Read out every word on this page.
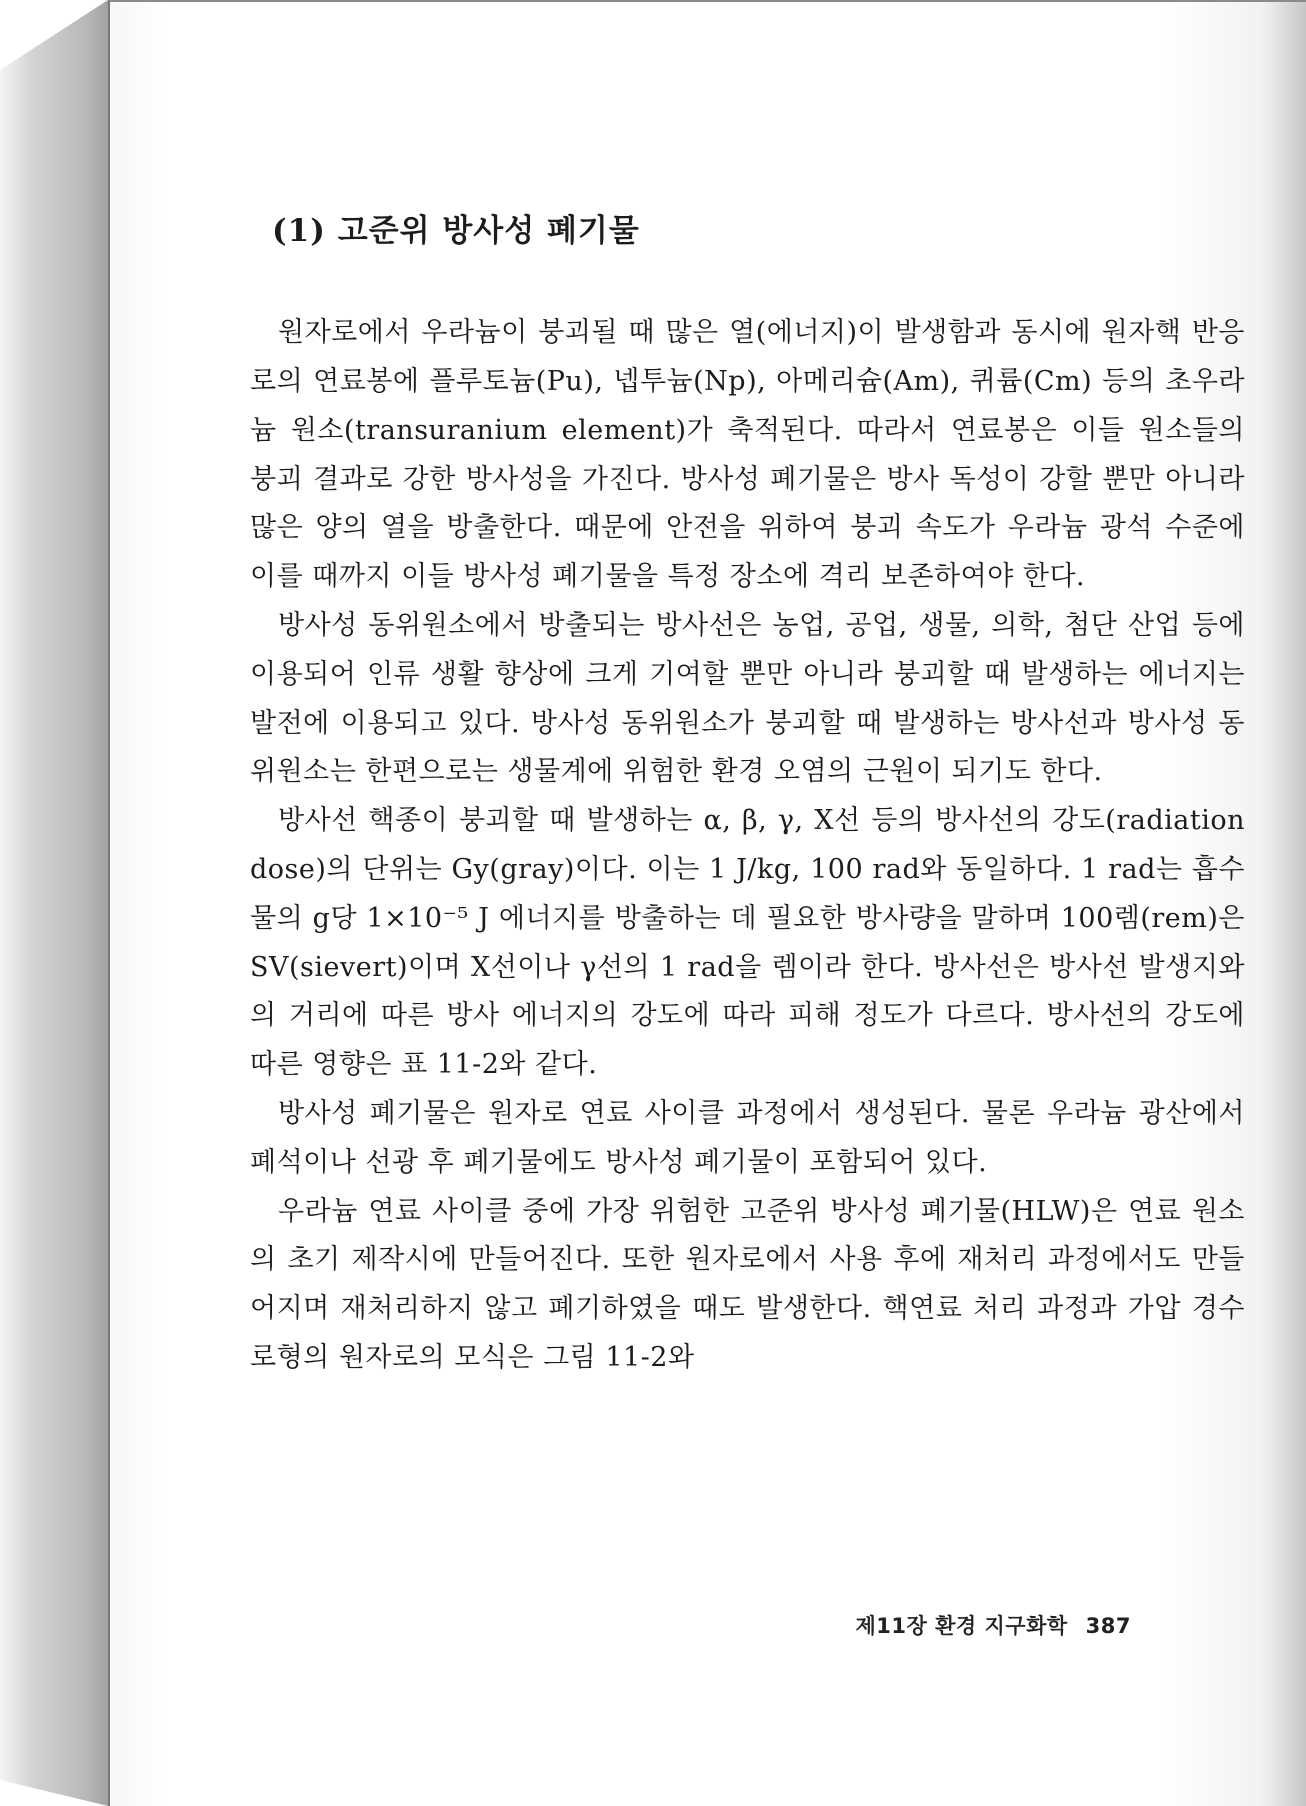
(1) 고준위 방사성 폐기물

원자로에서 우라늄이 붕괴될 때 많은 열(에너지)이 발생함과 동시에 원자핵 반응로의 연료봉에 플루토늄(Pu), 넵투늄(Np), 아메리슘(Am), 퀴륨(Cm) 등의 초우라늄 원소(transuranium element)가 축적된다. 따라서 연료봉은 이들 원소들의 붕괴 결과로 강한 방사성을 가진다. 방사성 폐기물은 방사 독성이 강할 뿐만 아니라 많은 양의 열을 방출한다. 때문에 안전을 위하여 붕괴 속도가 우라늄 광석 수준에 이를 때까지 이들 방사성 폐기물을 특정 장소에 격리 보존하여야 한다.

방사성 동위원소에서 방출되는 방사선은 농업, 공업, 생물, 의학, 첨단 산업 등에 이용되어 인류 생활 향상에 크게 기여할 뿐만 아니라 붕괴할 때 발생하는 에너지는 발전에 이용되고 있다. 방사성 동위원소가 붕괴할 때 발생하는 방사선과 방사성 동위원소는 한편으로는 생물계에 위험한 환경 오염의 근원이 되기도 한다.

방사선 핵종이 붕괴할 때 발생하는 α, β, γ, X선 등의 방사선의 강도(radiation dose)의 단위는 Gy(gray)이다. 이는 1 J/kg, 100 rad와 동일하다. 1 rad는 흡수물의 g당 1×10⁻⁵ J 에너지를 방출하는 데 필요한 방사량을 말하며 100렘(rem)은 SV(sievert)이며 X선이나 γ선의 1 rad을 렘이라 한다. 방사선은 방사선 발생지와의 거리에 따른 방사 에너지의 강도에 따라 피해 정도가 다르다. 방사선의 강도에 따른 영향은 표 11-2와 같다.

방사성 폐기물은 원자로 연료 사이클 과정에서 생성된다. 물론 우라늄 광산에서 폐석이나 선광 후 폐기물에도 방사성 폐기물이 포함되어 있다.

우라늄 연료 사이클 중에 가장 위험한 고준위 방사성 폐기물(HLW)은 연료 원소의 초기 제작시에 만들어진다. 또한 원자로에서 사용 후에 재처리 과정에서도 만들어지며 재처리하지 않고 폐기하였을 때도 발생한다. 핵연료 처리 과정과 가압 경수로형의 원자로의 모식은 그림 11-2와

제11장 환경 지구화학 387
